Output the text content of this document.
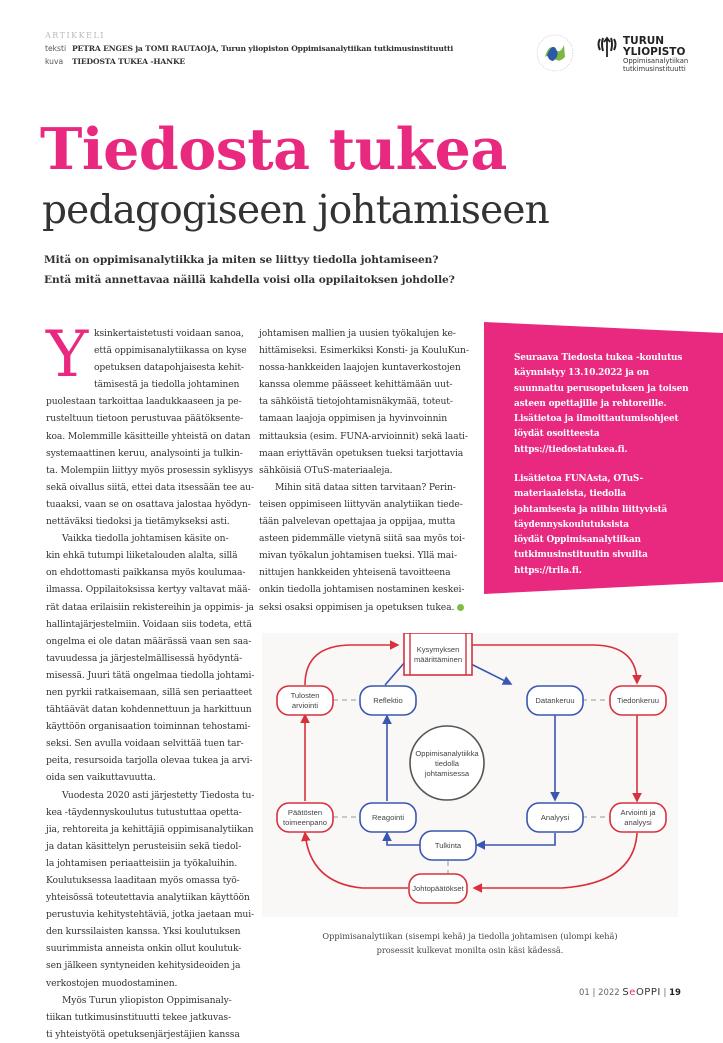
ARTIKKELI
teksti PETRA ENGES ja TOMI RAUTAOJA, Turun yliopiston Oppimisanalytiikan tutkimusinstituutti
kuva TIEDOSTA TUKEA -HANKE
TURUN
YLIOPISTO
Oppimisanalytiikan
tutkimusinstituutti
Tiedosta tukea
pedagogiseen johtamiseen
Mitä on oppimisanalytiikka ja miten se liittyy tiedolla johtamiseen?
Entä mitä annettavaa näillä kahdella voisi olla oppilaitoksen johdolle?
Y ksinkertaistetusti voidaan sanoa,

että oppimisanalytiikassa on kyse

opetuksen datapohjaisesta kehit-

tämisestä ja tiedolla johtaminen

puolestaan tarkoittaa laadukkaaseen ja pe-

rusteltuun tietoon perustuvaa päätöksente-

koa. Molemmille käsitteille yhteistä on datan

systemaattinen keruu, analysointi ja tulkin-

ta. Molempiin liittyy myös prosessin syklisyys

sekä oivallus siitä, ettei data itsessään tee au-

tuaaksi, vaan se on osattava jalostaa hyödyn-

nettäväksi tiedoksi ja tietämykseksi asti.

Vaikka tiedolla johtamisen käsite on-

kin ehkä tutumpi liiketalouden alalta, sillä

on ehdottomasti paikkansa myös koulumaa-

ilmassa. Oppilaitoksissa kertyy valtavat mää-

rät dataa erilaisiin rekistereihin ja oppimis- ja

hallintajärjestelmiin. Voidaan siis todeta, että

ongelma ei ole datan määrässä vaan sen saa-

tavuudessa ja järjestelmällisessä hyödyntä-

misessä. Juuri tätä ongelmaa tiedolla johtami-

nen pyrkii ratkaisemaan, sillä sen periaatteet

tähtäävät datan kohdennettuun ja harkittuun

käyttöön organisaation toiminnan tehostami-

seksi. Sen avulla voidaan selvittää tuen tar-

peita, resursoida tarjolla olevaa tukea ja arvi-

oida sen vaikuttavuutta.

Vuodesta 2020 asti järjestetty Tiedosta tu-

kea -täydennyskoulutus tutustuttaa opetta-

jia, rehtoreita ja kehittäjiä oppimisanalytiikan

ja datan käsittelyn perusteisiin sekä tiedol-

la johtamisen periaatteisiin ja työkaluihin.

Koulutuksessa laaditaan myös omassa työ-

yhteisössä toteutettavia analytiikan käyttöön

perustuvia kehitystehtäviä, jotka jaetaan mui-

den kurssilaisten kanssa. Yksi koulutuksen

suurimmista anneista onkin ollut koulutuk-

sen jälkeen syntyneiden kehitysideoiden ja

verkostojen muodostaminen.

Myös Turun yliopiston Oppimisanaly-

tiikan tutkimusinstituutti tekee jatkuvas-

ti yhteistyötä opetuksenjärjestäjien kanssa

johtamisen mallien ja uusien työkalujen ke-

hittämiseksi. Esimerkiksi Konsti- ja KouluKun-

nossa-hankkeiden laajojen kuntaverkostojen

kanssa olemme päässeet kehittämään uut-

ta sähköistä tietojohtamisnäkymää, toteut-

tamaan laajoja oppimisen ja hyvinvoinnin

mittauksia (esim. FUNA-arvioinnit) sekä laati-

maan eriyttävän opetuksen tueksi tarjottavia

sähköisiä OTuS-materiaaleja.

Mihin sitä dataa sitten tarvitaan? Perin-

teisen oppimiseen liittyvän analytiikan tiede-

tään palvelevan opettajaa ja oppijaa, mutta

asteen pidemmälle vietynä siitä saa myös toi-

mivan työkalun johtamisen tueksi. Yllä mai-

nittujen hankkeiden yhteisenä tavoitteena

onkin tiedolla johtamisen nostaminen keskei-

seksi osaksi oppimisen ja opetuksen tukea.

Seuraava Tiedosta tukea -koulutus
käynnistyy 13.10.2022 ja on
suunnattu perusopetuksen ja toisen
asteen opettajille ja rehtoreille.
Lisätietoa ja ilmoittautumisohjeet
löydät osoitteesta
https://tiedostatukea.fi.
Lisätietoa FUNAsta, OTuS-
materiaaleista, tiedolla
johtamisesta ja niihin liittyvistä
täydennyskoulutuksista
löydät Oppimisanalytiikan
tutkimusinstituutin sivuilta
https://trila.fi.
Oppimisanalytiikka
tiedolla
johtamisessa
Kysymyksen
määrittäminen
Tulosten
arviointi
Tiedonkeruu
Päätösten
toimeenpano
Arviointi ja
analyysi
Johtopäätökset
Reflektio	Datankeruu
Reagointi	Analyysi
Tulkinta

Oppimisanalytiikan (sisempi kehä) ja tiedolla johtamisen (ulompi kehä)

prosessit kulkevat monilta osin käsi kädessä.

01 | 2022 SeOPPI | 19
